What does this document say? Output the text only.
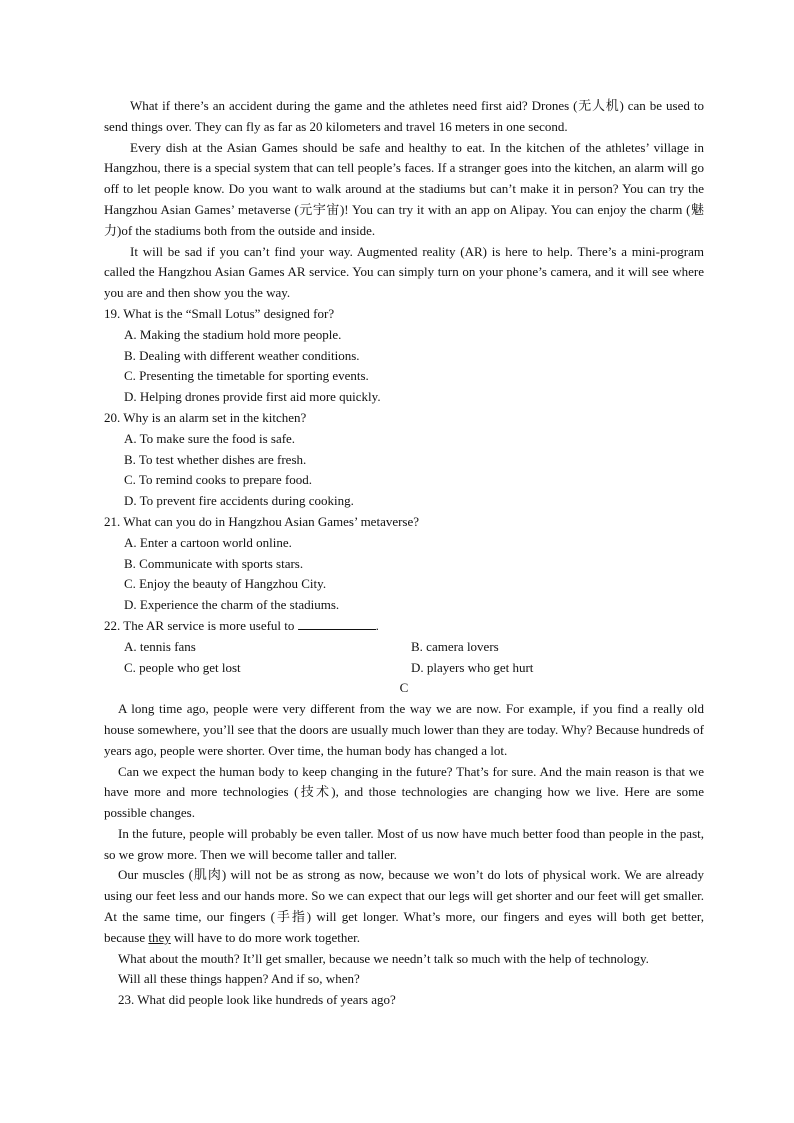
What if there’s an accident during the game and the athletes need first aid? Drones (无人机) can be used to send things over. They can fly as far as 20 kilometers and travel 16 meters in one second.

Every dish at the Asian Games should be safe and healthy to eat. In the kitchen of the athletes’ village in Hangzhou, there is a special system that can tell people’s faces. If a stranger goes into the kitchen, an alarm will go off to let people know. Do you want to walk around at the stadiums but can’t make it in person? You can try the Hangzhou Asian Games’ metaverse (元宇宙)! You can try it with an app on Alipay. You can enjoy the charm (魅力)of the stadiums both from the outside and inside.

It will be sad if you can’t find your way. Augmented reality (AR) is here to help. There’s a mini-program called the Hangzhou Asian Games AR service. You can simply turn on your phone’s camera, and it will see where you are and then show you the way.

19. What is the “Small Lotus” designed for?

A. Making the stadium hold more people.

B. Dealing with different weather conditions.

C. Presenting the timetable for sporting events.

D. Helping drones provide first aid more quickly.

20. Why is an alarm set in the kitchen?

A. To make sure the food is safe.

B. To test whether dishes are fresh.

C. To remind cooks to prepare food.

D. To prevent fire accidents during cooking.

21. What can you do in Hangzhou Asian Games’ metaverse?

A. Enter a cartoon world online.

B. Communicate with sports stars.

C. Enjoy the beauty of Hangzhou City.

D. Experience the charm of the stadiums.

22. The AR service is more useful to	.

A. tennis fans	B. camera lovers
C. people who get lost	D. players who get hurt

C

A long time ago, people were very different from the way we are now. For example, if you find a really old house somewhere, you’ll see that the doors are usually much lower than they are today. Why? Because hundreds of years ago, people were shorter. Over time, the human body has changed a lot.

Can we expect the human body to keep changing in the future? That’s for sure. And the main reason is that we have more and more technologies (技术), and those technologies are changing how we live. Here are some possible changes.

In the future, people will probably be even taller. Most of us now have much better food than people in the past, so we grow more. Then we will become taller and taller.

Our muscles (肌肉) will not be as strong as now, because we won’t do lots of physical work. We are already using our feet less and our hands more. So we can expect that our legs will get shorter and our feet will get smaller. At the same time, our fingers (手指) will get longer. What’s more, our fingers and eyes will both get better, because they will have to do more work together.

What about the mouth? It’ll get smaller, because we needn’t talk so much with the help of technology.

Will all these things happen? And if so, when?

23. What did people look like hundreds of years ago?
